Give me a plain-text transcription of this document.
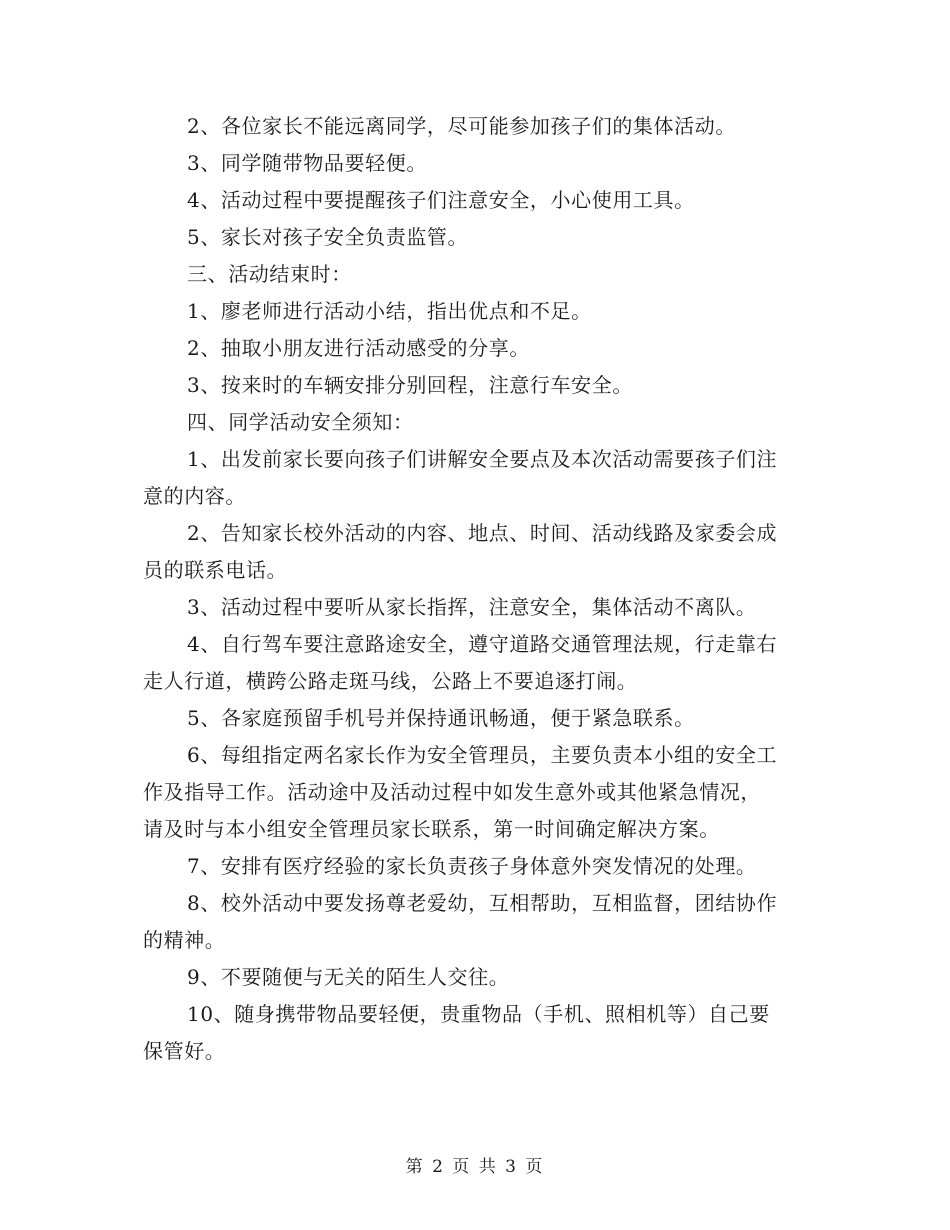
2、各位家长不能远离同学，尽可能参加孩子们的集体活动。
3、同学随带物品要轻便。
4、活动过程中要提醒孩子们注意安全，小心使用工具。
5、家长对孩子安全负责监管。
三、活动结束时：
1、廖老师进行活动小结，指出优点和不足。
2、抽取小朋友进行活动感受的分享。
3、按来时的车辆安排分别回程，注意行车安全。
四、同学活动安全须知：
1、出发前家长要向孩子们讲解安全要点及本次活动需要孩子们注
意的内容。
2、告知家长校外活动的内容、地点、时间、活动线路及家委会成
员的联系电话。
3、活动过程中要听从家长指挥，注意安全，集体活动不离队。
4、自行驾车要注意路途安全，遵守道路交通管理法规，行走靠右
走人行道，横跨公路走斑马线，公路上不要追逐打闹。
5、各家庭预留手机号并保持通讯畅通，便于紧急联系。
6、每组指定两名家长作为安全管理员，主要负责本小组的安全工
作及指导工作。活动途中及活动过程中如发生意外或其他紧急情况，
请及时与本小组安全管理员家长联系，第一时间确定解决方案。
7、安排有医疗经验的家长负责孩子身体意外突发情况的处理。
8、校外活动中要发扬尊老爱幼，互相帮助，互相监督，团结协作
的精神。
9、不要随便与无关的陌生人交往。
10、随身携带物品要轻便，贵重物品（手机、照相机等）自己要
保管好。
第 2 页 共 3 页
